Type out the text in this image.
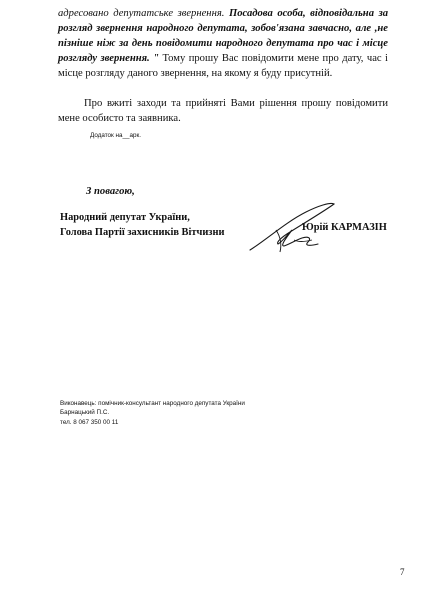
адресовано депутатське звернення. Посадова особа, відповідальна за розгляд звернення народного депутата, зобов'язана завчасно, але ,не пізніше ніж за день повідомити народного депутата про час і місце розгляду звернення. " Тому прошу Вас повідомити мене про дату, час і місце розгляду даного звернення, на якому я буду присутній.

Про вжиті заходи та прийняті Вами рішення прошу повідомити мене особисто та заявника.

Додаток на__арк.

З повагою,
Народний депутат України,
Голова Партії захисників Вітчизни	Юрій КАРМАЗІН

Виконавець: помічник-консультант народного депутата України

Барнацький П.С.

тел. 8 067 350 00 11

7
